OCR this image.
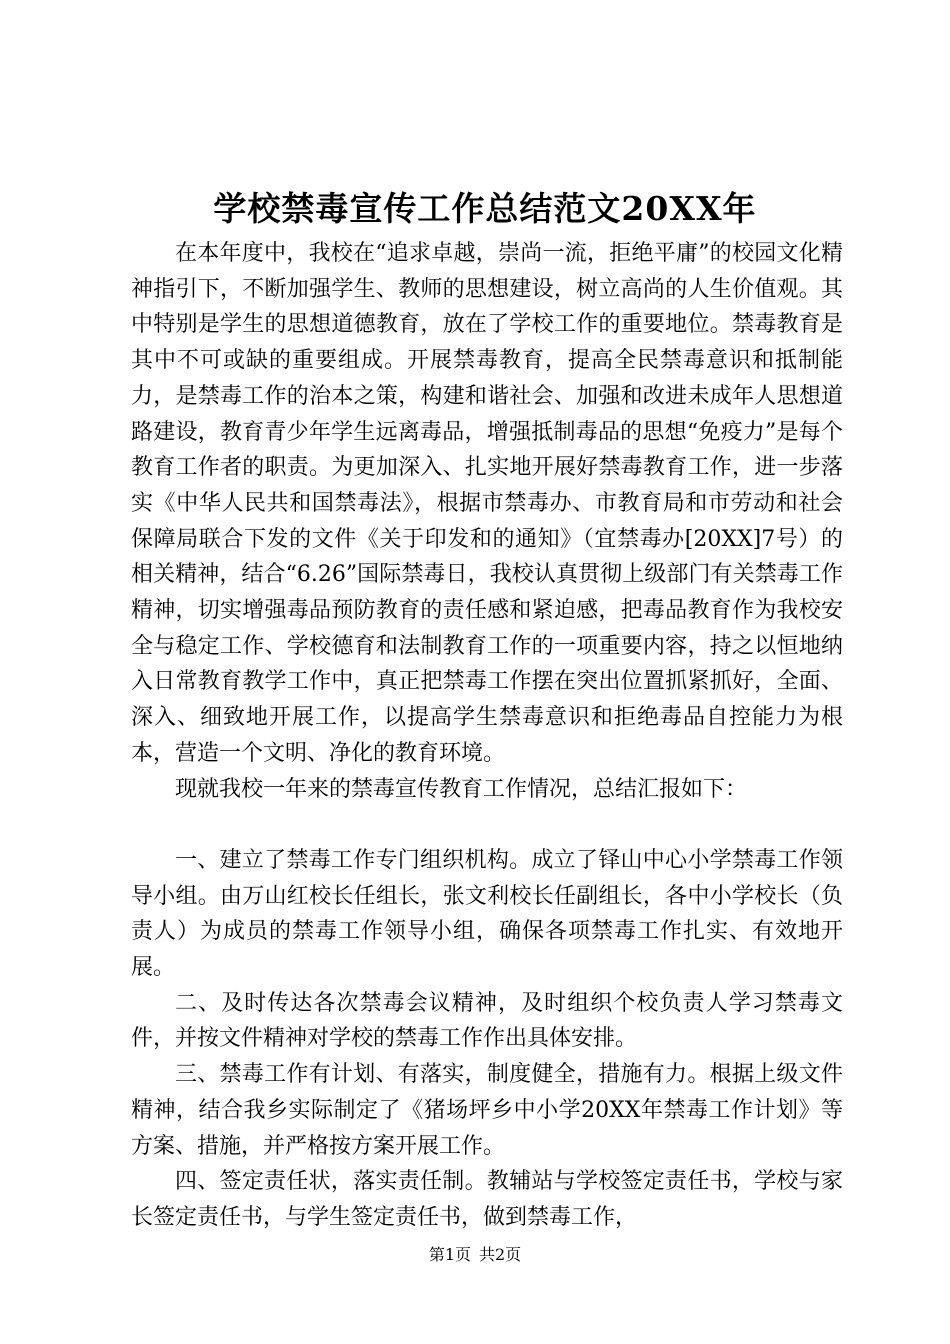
学校禁毒宣传工作总结范文20XX年

在本年度中，我校在“追求卓越，崇尚一流，拒绝平庸”的校园文化精神指引下，不断加强学生、教师的思想建设，树立高尚的人生价值观。其中特别是学生的思想道德教育，放在了学校工作的重要地位。禁毒教育是其中不可或缺的重要组成。开展禁毒教育，提高全民禁毒意识和抵制能力，是禁毒工作的治本之策，构建和谐社会、加强和改进未成年人思想道路建设，教育青少年学生远离毒品，增强抵制毒品的思想“免疫力”是每个教育工作者的职责。为更加深入、扎实地开展好禁毒教育工作，进一步落实《中华人民共和国禁毒法》，根据市禁毒办、市教育局和市劳动和社会保障局联合下发的文件《关于印发和的通知》（宜禁毒办[20XX]7号）的相关精神，结合“6.26”国际禁毒日，我校认真贯彻上级部门有关禁毒工作精神，切实增强毒品预防教育的责任感和紧迫感，把毒品教育作为我校安全与稳定工作、学校德育和法制教育工作的一项重要内容，持之以恒地纳入日常教育教学工作中，真正把禁毒工作摆在突出位置抓紧抓好，全面、深入、细致地开展工作，以提高学生禁毒意识和拒绝毒品自控能力为根本，营造一个文明、净化的教育环境。

现就我校一年来的禁毒宣传教育工作情况，总结汇报如下：

一、建立了禁毒工作专门组织机构。成立了铎山中心小学禁毒工作领导小组。由万山红校长任组长，张文利校长任副组长，各中小学校长（负责人）为成员的禁毒工作领导小组，确保各项禁毒工作扎实、有效地开展。

二、及时传达各次禁毒会议精神，及时组织个校负责人学习禁毒文件，并按文件精神对学校的禁毒工作作出具体安排。

三、禁毒工作有计划、有落实，制度健全，措施有力。根据上级文件精神，结合我乡实际制定了《猪场坪乡中小学20XX年禁毒工作计划》等方案、措施，并严格按方案开展工作。

四、签定责任状，落实责任制。教辅站与学校签定责任书，学校与家长签定责任书，与学生签定责任书，做到禁毒工作，

第1页 共2页
